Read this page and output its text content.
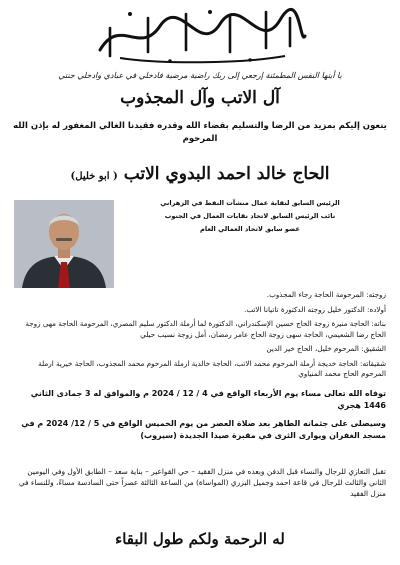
يا أيتها النفس المطمئنة إرجعي إلى ربك راضية مرضية فادخلي في عبادي وادخلي جنتي
آل الاتب وآل المجذوب
ينعون إليكم بمزيد من الرضا والتسليم بقضاء الله وقدره فقيدنا الغالي المغفور له بإذن الله المرحوم
الحاج خالد احمد البدوي الاتب ( ابو خليل)
الرئيس السابق لنقابة عمال منشآت النفط في الزهراني
نائب الرئيس السابق لاتحاد نقابات العمال في الجنوب
عضو سابق لاتحاد العمالي العام

زوجته: المرحومة الحاجة رجاء المجذوب.

أولاده: الدكتور خليل زوجته الدكتورة تاتيانا الاتب.

بناته: الحاجة منيرة زوجة الحاج حسين الإسكندراني، الدكتورة لما أرملة الدكتور سليم المصري، المرحومة الحاجة مهى زوجة الحاج رضا الشعيمي، الحاجة سهى زوجة الحاج عامر رمضان، أمل زوجة نسيب حيلي

الشقيق: المرحوم خليل، الحاج خير الدين

شقيقاته: الحاجة خديجة أرملة المرحوم محمد الاتب، الحاجة خالدية ارملة المرحوم محمد المجذوب، الحاجة خيرية ارملة المرحوم الحاج محمد المنياوي

توفاه الله تعالى مساء يوم الأربعاء الواقع في 4 / 12 / 2024 م والموافق له 3 جمادى الثاني 1446 هجري

وسيصلى على جثمانه الطاهر بعد صلاة العصر من يوم الخميس الواقع في 5 / 12/ 2024 م في مسجد الغفران ويوارى الثرى في مقبرة صيدا الجديدة (سيروب)

تقبل التعازي للرجال والنساء قبل الدفن وبعده في منزل الفقيد – حي القواعير – بناية سعد – الطابق الأول وفي اليومين الثاني والثالث للرجال في قاعة احمد وجميل البزري (المواساة) من الساعة الثالثة عصراً حتى السادسة مساءً، وللنساء في منزل الفقيد
له الرحمة ولكم طول البقاء
